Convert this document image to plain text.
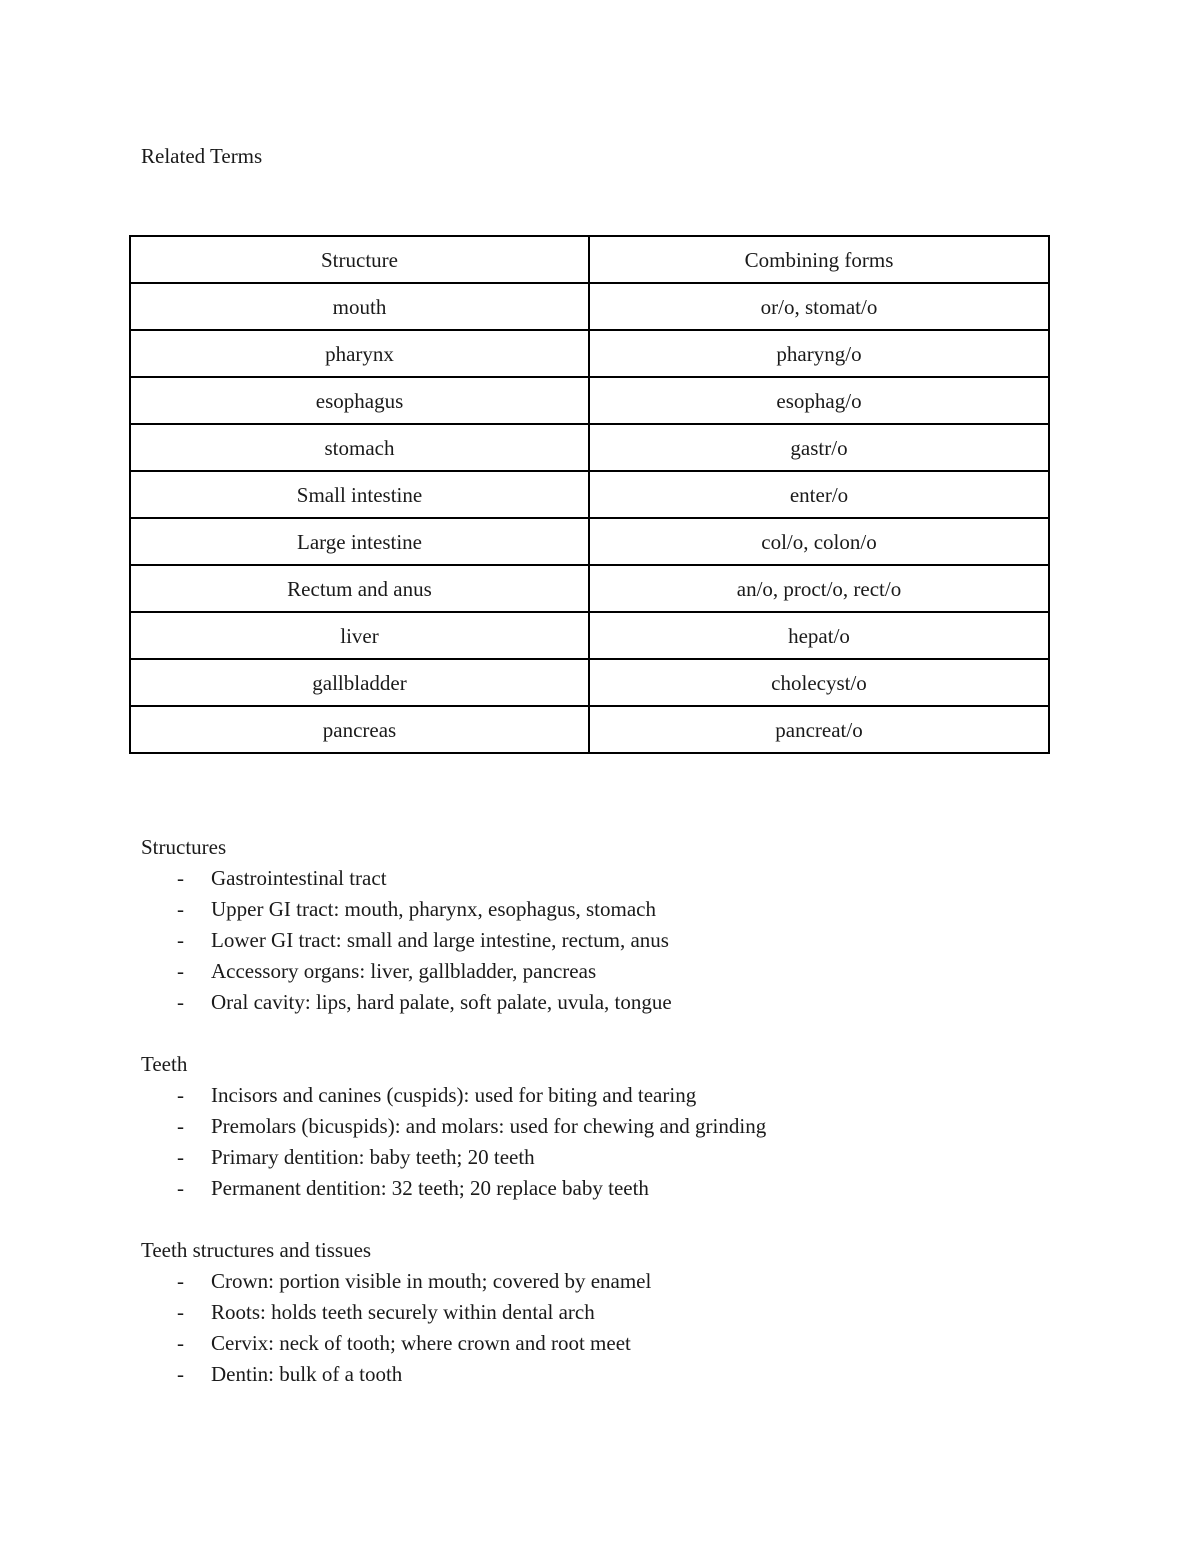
Related Terms
Structure	Combining forms
mouth	or/o, stomat/o
pharynx	pharyng/o
esophagus	esophag/o
stomach	gastr/o
Small intestine	enter/o
Large intestine	col/o, colon/o
Rectum and anus	an/o, proct/o, rect/o
liver	hepat/o
gallbladder	cholecyst/o
pancreas	pancreat/o
Structures
- Gastrointestinal tract
- Upper GI tract: mouth, pharynx, esophagus, stomach
- Lower GI tract: small and large intestine, rectum, anus
- Accessory organs: liver, gallbladder, pancreas
- Oral cavity: lips, hard palate, soft palate, uvula, tongue
Teeth
- Incisors and canines (cuspids): used for biting and tearing
- Premolars (bicuspids): and molars: used for chewing and grinding
- Primary dentition: baby teeth; 20 teeth
- Permanent dentition: 32 teeth; 20 replace baby teeth
Teeth structures and tissues
- Crown: portion visible in mouth; covered by enamel
- Roots: holds teeth securely within dental arch
- Cervix: neck of tooth; where crown and root meet
- Dentin: bulk of a tooth
